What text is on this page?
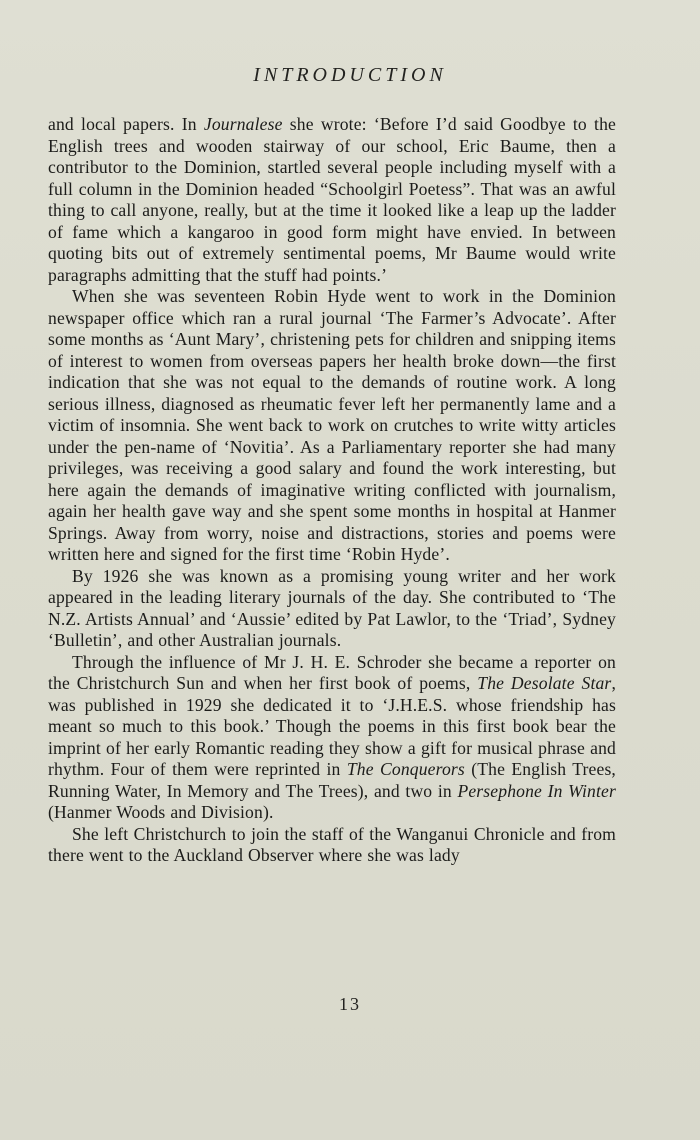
INTRODUCTION

and local papers. In Journalese she wrote: ‘Before I’d said Goodbye to the English trees and wooden stairway of our school, Eric Baume, then a contributor to the Dominion, startled several people including myself with a full column in the Dominion headed “Schoolgirl Poetess”. That was an awful thing to call anyone, really, but at the time it looked like a leap up the ladder of fame which a kangaroo in good form might have envied. In between quoting bits out of extremely sentimental poems, Mr Baume would write paragraphs admitting that the stuff had points.’

When she was seventeen Robin Hyde went to work in the Dominion newspaper office which ran a rural journal ‘The Farmer’s Advocate’. After some months as ‘Aunt Mary’, christening pets for children and snipping items of interest to women from overseas papers her health broke down—the first indication that she was not equal to the demands of routine work. A long serious illness, diagnosed as rheumatic fever left her permanently lame and a victim of insomnia. She went back to work on crutches to write witty articles under the pen-name of ‘Novitia’. As a Parliamentary reporter she had many privileges, was receiving a good salary and found the work interesting, but here again the demands of imaginative writing conflicted with journalism, again her health gave way and she spent some months in hospital at Hanmer Springs. Away from worry, noise and distractions, stories and poems were written here and signed for the first time ‘Robin Hyde’.

By 1926 she was known as a promising young writer and her work appeared in the leading literary journals of the day. She contributed to ‘The N.Z. Artists Annual’ and ‘Aussie’ edited by Pat Lawlor, to the ‘Triad’, Sydney ‘Bulletin’, and other Australian journals.

Through the influence of Mr J. H. E. Schroder she became a reporter on the Christchurch Sun and when her first book of poems, The Desolate Star, was published in 1929 she dedicated it to ‘J.H.E.S. whose friendship has meant so much to this book.’ Though the poems in this first book bear the imprint of her early Romantic reading they show a gift for musical phrase and rhythm. Four of them were reprinted in The Conquerors (The English Trees, Running Water, In Memory and The Trees), and two in Persephone In Winter (Hanmer Woods and Division).

She left Christchurch to join the staff of the Wanganui Chronicle and from there went to the Auckland Observer where she was lady

13
